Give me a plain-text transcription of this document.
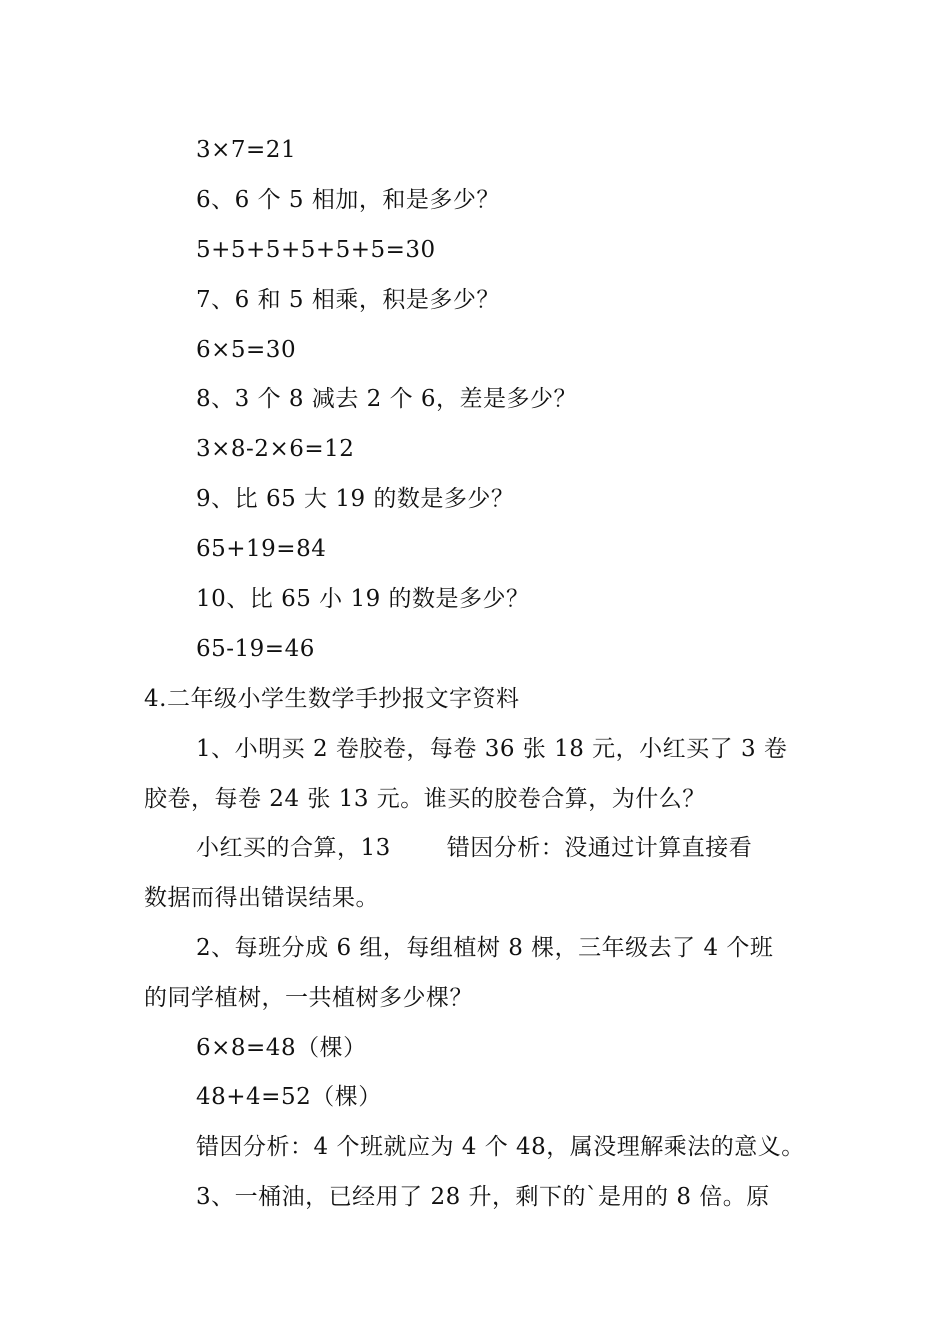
3×7=21
6、6 个 5 相加，和是多少？
5+5+5+5+5+5=30
7、6 和 5 相乘，积是多少？
6×5=30
8、3 个 8 减去 2 个 6，差是多少？
3×8-2×6=12
9、比 65 大 19 的数是多少？
65+19=84
10、比 65 小 19 的数是多少？
65-19=46
4.二年级小学生数学手抄报文字资料
1、小明买 2 卷胶卷，每卷 36 张 18 元，小红买了 3 卷
胶卷，每卷 24 张 13 元。谁买的胶卷合算，为什么？
小红买的合算，13 错因分析：没通过计算直接看
数据而得出错误结果。
2、每班分成 6 组，每组植树 8 棵，三年级去了 4 个班
的同学植树，一共植树多少棵？
6×8=48（棵）
48+4=52（棵）
错因分析：4 个班就应为 4 个 48，属没理解乘法的意义。
3、一桶油，已经用了 28 升，剩下的`是用的 8 倍。原
